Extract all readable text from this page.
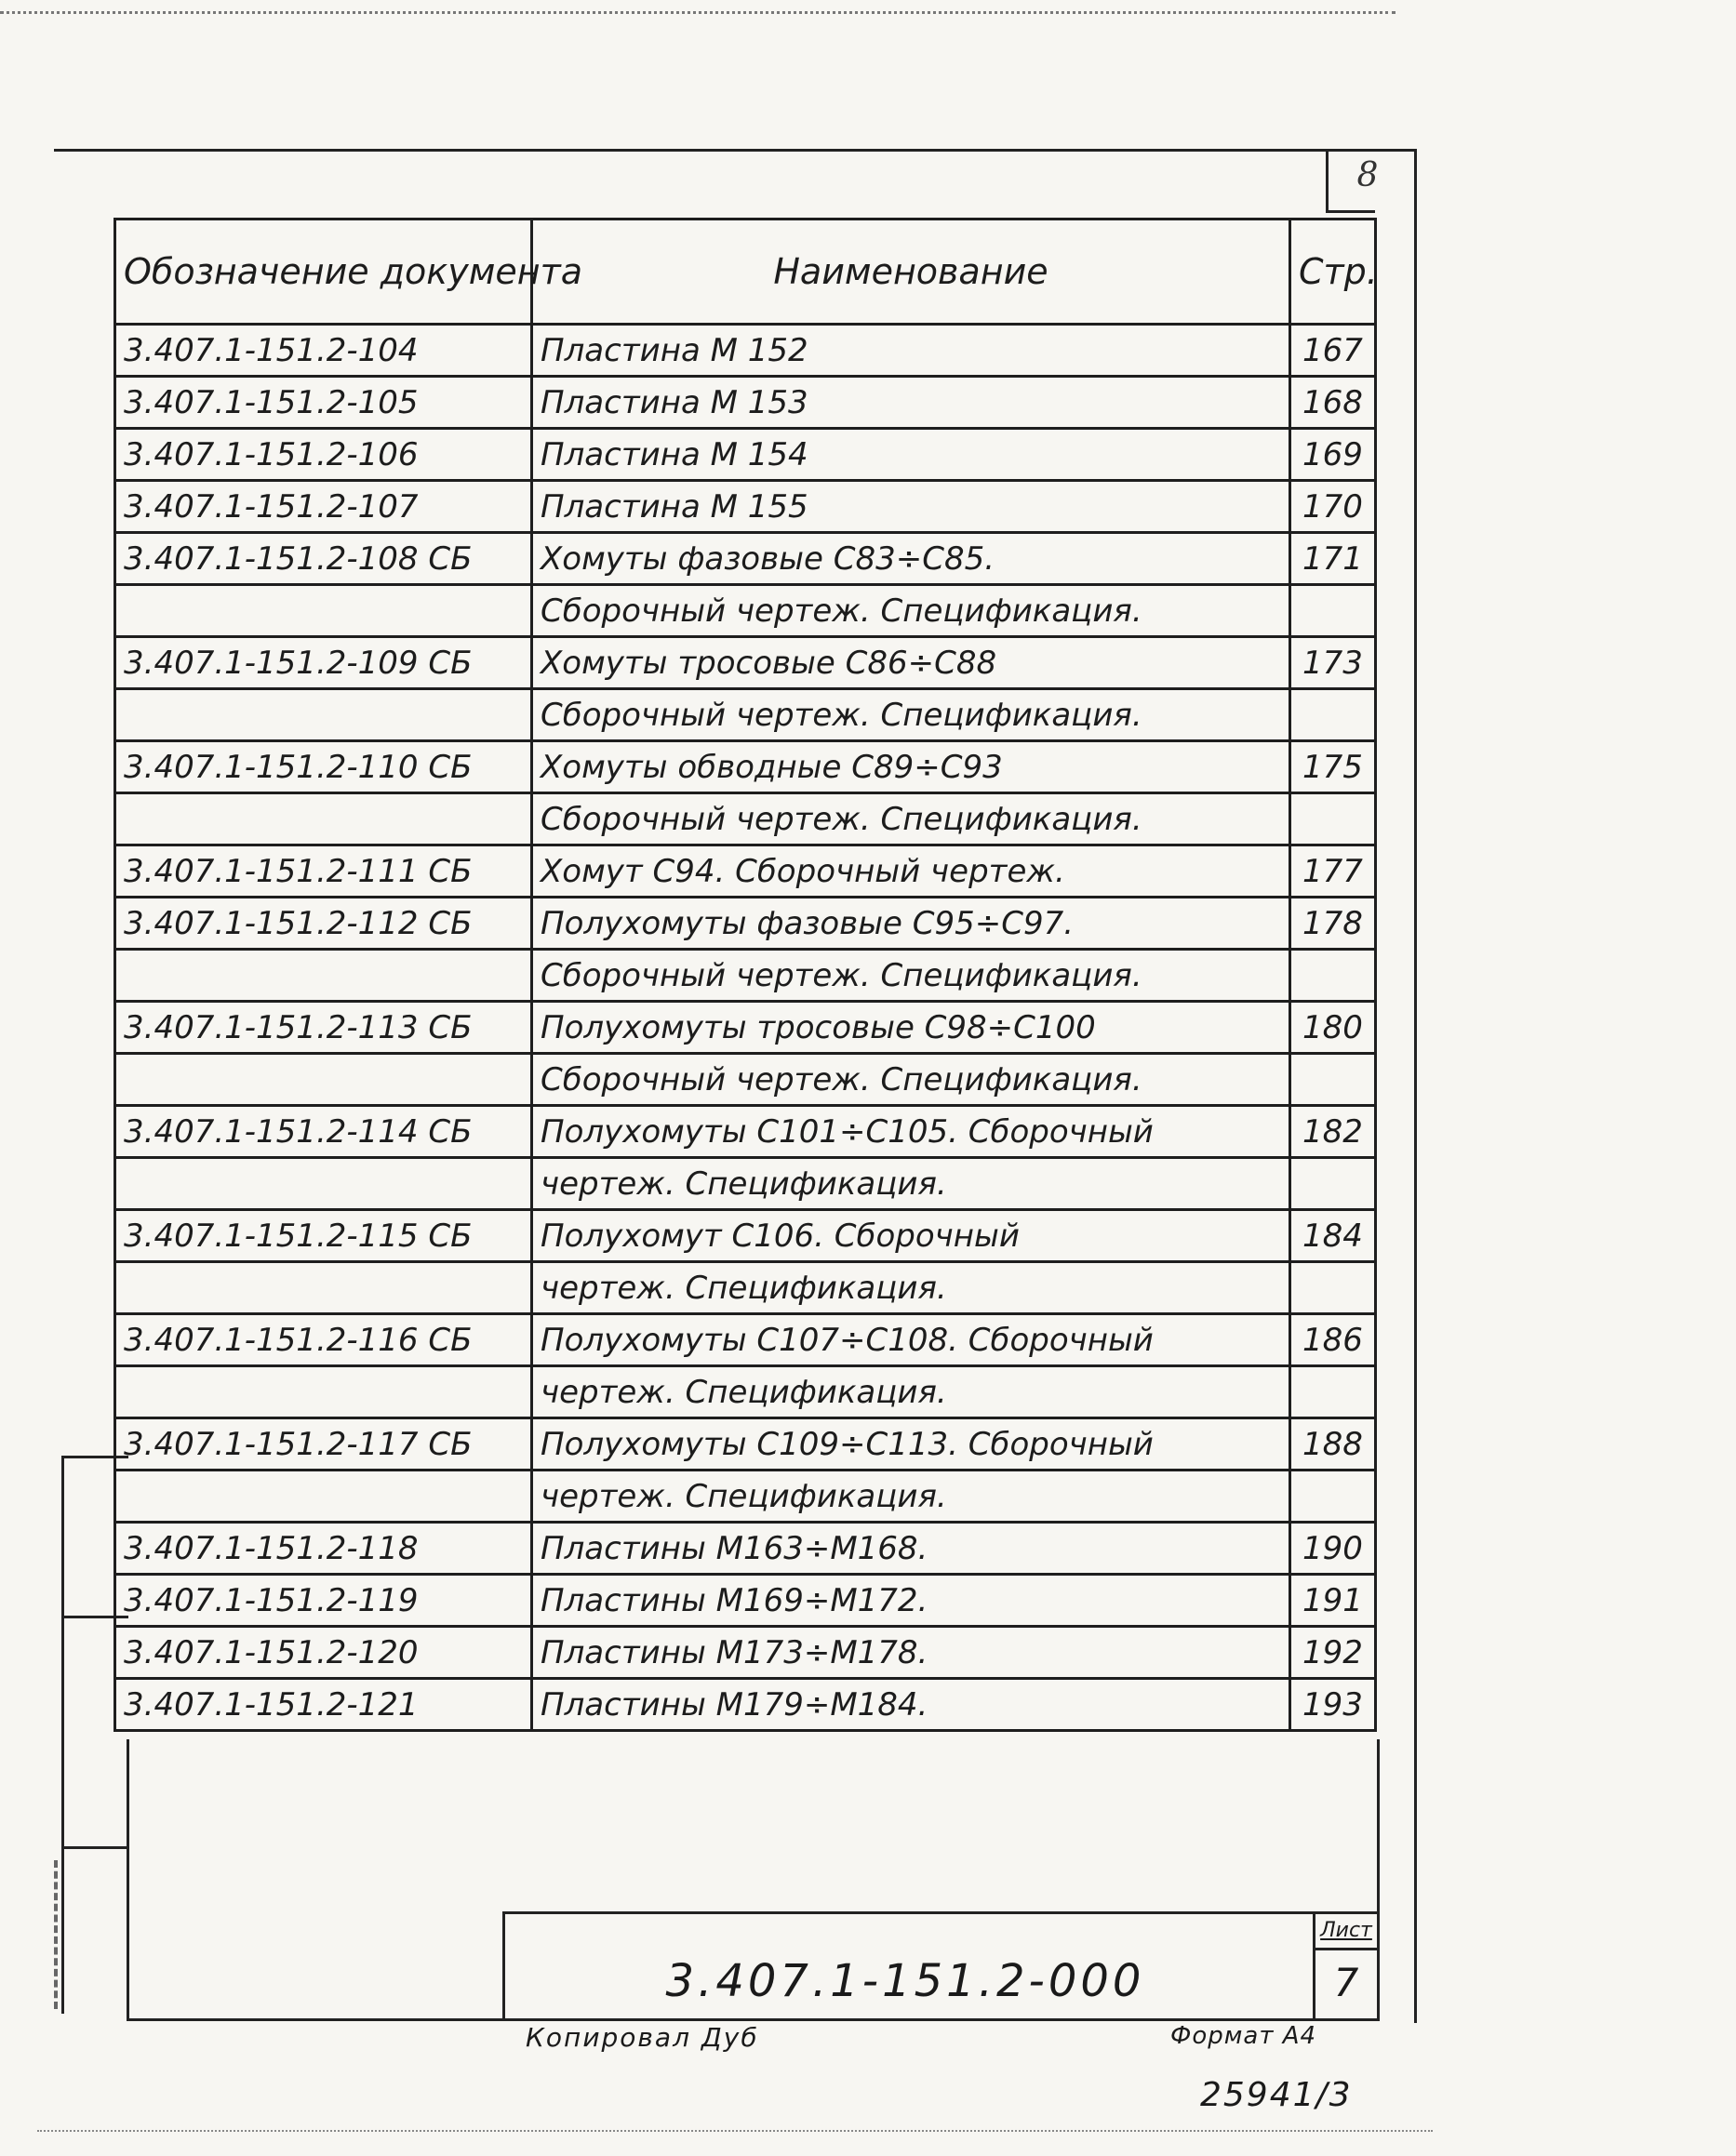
8
Обозначение документа	Наименование	Стр.
3.407.1-151.2-104	Пластина М 152	167
3.407.1-151.2-105	Пластина М 153	168
3.407.1-151.2-106	Пластина М 154	169
3.407.1-151.2-107	Пластина М 155	170
3.407.1-151.2-108 СБ	Хомуты фазовые С83÷С85.	171
	Сборочный чертеж. Спецификация.	
3.407.1-151.2-109 СБ	Хомуты тросовые С86÷С88	173
	Сборочный чертеж. Спецификация.	
3.407.1-151.2-110 СБ	Хомуты обводные С89÷С93	175
	Сборочный чертеж. Спецификация.	
3.407.1-151.2-111 СБ	Хомут С94. Сборочный чертеж.	177
3.407.1-151.2-112 СБ	Полухомуты фазовые С95÷С97.	178
	Сборочный чертеж. Спецификация.	
3.407.1-151.2-113 СБ	Полухомуты тросовые С98÷С100	180
	Сборочный чертеж. Спецификация.	
3.407.1-151.2-114 СБ	Полухомуты С101÷С105. Сборочный	182
	чертеж. Спецификация.	
3.407.1-151.2-115 СБ	Полухомут С106. Сборочный	184
	чертеж. Спецификация.	
3.407.1-151.2-116 СБ	Полухомуты С107÷С108. Сборочный	186
	чертеж. Спецификация.	
3.407.1-151.2-117 СБ	Полухомуты С109÷С113. Сборочный	188
	чертеж. Спецификация.	
3.407.1-151.2-118	Пластины М163÷М168.	190
3.407.1-151.2-119	Пластины М169÷М172.	191
3.407.1-151.2-120	Пластины М173÷М178.	192
3.407.1-151.2-121	Пластины М179÷М184.	193
3.407.1-151.2-000
Лист
7
Копировал Дуб	Формат А4
25941/3
